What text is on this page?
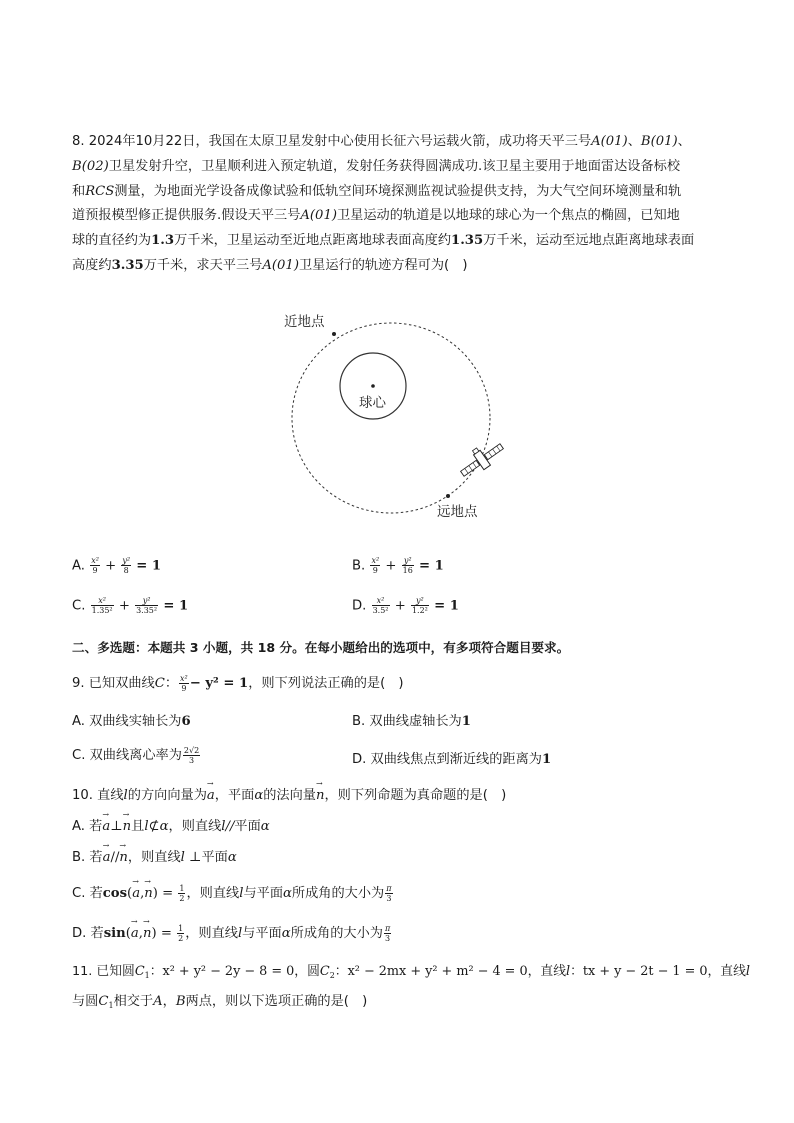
8. 2024年10月22日，我国在太原卫星发射中心使用长征六号运载火箭，成功将天平三号A(01)、B(01)、
B(02)卫星发射升空，卫星顺利进入预定轨道，发射任务获得圆满成功.该卫星主要用于地面雷达设备标校
和RCS测量，为地面光学设备成像试验和低轨空间环境探测监视试验提供支持，为大气空间环境测量和轨
道预报模型修正提供服务.假设天平三号A(01)卫星运动的轨道是以地球的球心为一个焦点的椭圆，已知地
球的直径约为1.3万千米，卫星运动至近地点距离地球表面高度约1.35万千米，运动至远地点距离地球表面
高度约3.35万千米，求天平三号A(01)卫星运行的轨迹方程可为(　)
近地点
球心
远地点
A. $\frac{\text{x²}}{9} + \frac{\text{y²}}{8} = 1$	B. $\frac{\text{x²}}{9} + \frac{\text{y²}}{16} = 1$
C. $\frac{\text{x²}}{\text{1.35²}} + \frac{\text{y²}}{\text{3.35²}} = 1$	D. $\frac{\text{x²}}{\text{3.5²}} + \frac{\text{y²}}{\text{1.2²}} = 1$
二、多选题：本题共 3 小题，共 18 分。在每小题给出的选项中，有多项符合题目要求。
9. 已知双曲线C： $\frac{\text{x²}}{9} - y^2 = 1$，则下列说法正确的是(　)
A. 双曲线实轴长为6	B. 双曲线虚轴长为1
C. 双曲线离心率为 $\frac{2√2}{3}$	D. 双曲线焦点到渐近线的距离为1
10. 直线l的方向向量为→ a，平面α的法向量→ n，则下列命题为真命题的是(　)
A. 若→ a⊥→ n且l⊄α，则直线l//平面α
B. 若→ a//→ n，则直线l ⊥平面α
C. 若$\cos(\to a,\to n) = \frac{1}{2}$ ，则直线l与平面α所成角的大小为 $\frac{\pi}{3}$
D. 若$\sin(\to a,\to n) = \frac{1}{2}$ ，则直线l与平面α所成角的大小为 $\frac{\pi}{3}$
11. 已知圆$C_1$：x² + y² − 2y − 8 = 0，圆$C_2$：x² − 2mx + y² + m² − 4 = 0，直线l：tx + y − 2t − 1 = 0，直线l
与圆$C_1$相交于A，B两点，则以下选项正确的是(　)
